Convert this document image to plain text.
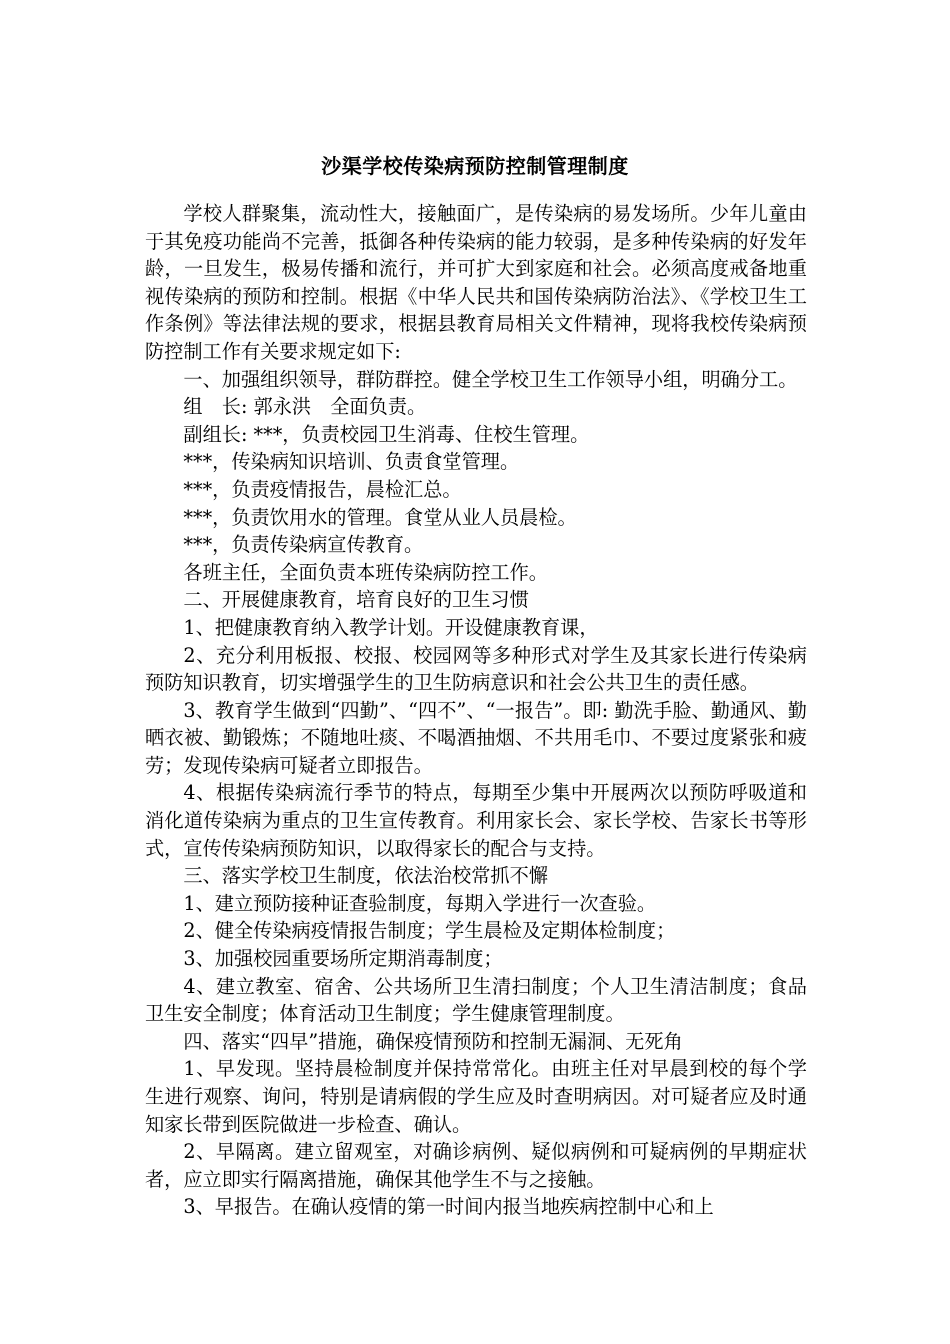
沙渠学校传染病预防控制管理制度

学校人群聚集，流动性大，接触面广，是传染病的易发场所。少年儿童由于其免疫功能尚不完善，抵御各种传染病的能力较弱，是多种传染病的好发年龄，一旦发生，极易传播和流行，并可扩大到家庭和社会。必须高度戒备地重视传染病的预防和控制。根据《中华人民共和国传染病防治法》、《学校卫生工作条例》等法律法规的要求，根据县教育局相关文件精神，现将我校传染病预防控制工作有关要求规定如下:

一、加强组织领导，群防群控。健全学校卫生工作领导小组，明确分工。

组　长: 郭永洪　全面负责。

副组长: ***，负责校园卫生消毒、住校生管理。

***，传染病知识培训、负责食堂管理。

***，负责疫情报告，晨检汇总。

***，负责饮用水的管理。食堂从业人员晨检。

***，负责传染病宣传教育。

各班主任，全面负责本班传染病防控工作。

二、开展健康教育，培育良好的卫生习惯

1、把健康教育纳入教学计划。开设健康教育课，

2、充分利用板报、校报、校园网等多种形式对学生及其家长进行传染病预防知识教育，切实增强学生的卫生防病意识和社会公共卫生的责任感。

3、教育学生做到“四勤”、“四不”、“一报告”。即: 勤洗手脸、勤通风、勤晒衣被、勤锻炼；不随地吐痰、不喝酒抽烟、不共用毛巾、不要过度紧张和疲劳；发现传染病可疑者立即报告。

4、根据传染病流行季节的特点，每期至少集中开展两次以预防呼吸道和消化道传染病为重点的卫生宣传教育。利用家长会、家长学校、告家长书等形式，宣传传染病预防知识，以取得家长的配合与支持。

三、落实学校卫生制度，依法治校常抓不懈

1、建立预防接种证查验制度，每期入学进行一次查验。

2、健全传染病疫情报告制度；学生晨检及定期体检制度；

3、加强校园重要场所定期消毒制度；

4、建立教室、宿舍、公共场所卫生清扫制度；个人卫生清洁制度；食品卫生安全制度；体育活动卫生制度；学生健康管理制度。

四、落实“四早”措施，确保疫情预防和控制无漏洞、无死角

1、早发现。坚持晨检制度并保持常常化。由班主任对早晨到校的每个学生进行观察、询问，特别是请病假的学生应及时查明病因。对可疑者应及时通知家长带到医院做进一步检查、确认。

2、早隔离。建立留观室，对确诊病例、疑似病例和可疑病例的早期症状者，应立即实行隔离措施，确保其他学生不与之接触。

3、早报告。在确认疫情的第一时间内报当地疾病控制中心和上
